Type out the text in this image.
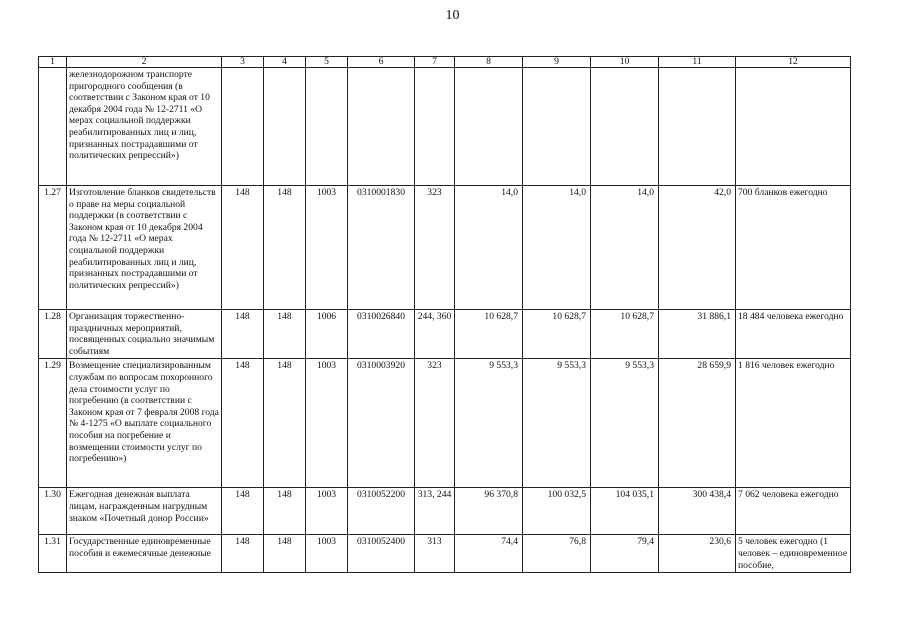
10
1	2	3	4	5	6	7	8	9	10	11	12
	железнодорожном транспорте пригородного сообщения (в соответствии с Законом края от 10 декабря 2004 года № 12-2711 «О мерах социальной поддержки реабилитированных лиц и лиц, признанных пострадавшими от политических репрессий»)										
1.27	Изготовление бланков свидетельств о праве на меры социальной поддержки (в соответствии с Законом края от 10 декабря 2004 года № 12-2711 «О мерах социальной поддержки реабилитированных лиц и лиц, признанных пострадавшими от политических репрессий»)	148	148	1003	0310001830	323	14,0	14,0	14,0	42,0	700 бланков ежегодно
1.28	Организация торжественно-праздничных мероприятий, посвященных социально значимым событиям	148	148	1006	0310026840	244, 360	10 628,7	10 628,7	10 628,7	31 886,1	18 484 человека ежегодно
1.29	Возмещение специализированным службам по вопросам похоронного дела стоимости услуг по погребению (в соответствии с Законом края от 7 февраля 2008 года № 4-1275 «О выплате социального пособия на погребение и возмещении стоимости услуг по погребению»)	148	148	1003	0310003920	323	9 553,3	9 553,3	9 553,3	28 659,9	1 816 человек ежегодно
1.30	Ежегодная денежная выплата лицам, награжденным нагрудным знаком «Почетный донор России»	148	148	1003	0310052200	313, 244	96 370,8	100 032,5	104 035,1	300 438,4	7 062 человека ежегодно
1.31	Государственные единовременные пособия и ежемесячные денежные	148	148	1003	0310052400	313	74,4	76,8	79,4	230,6	5 человек ежегодно (1 человек – единовременное пособие,
